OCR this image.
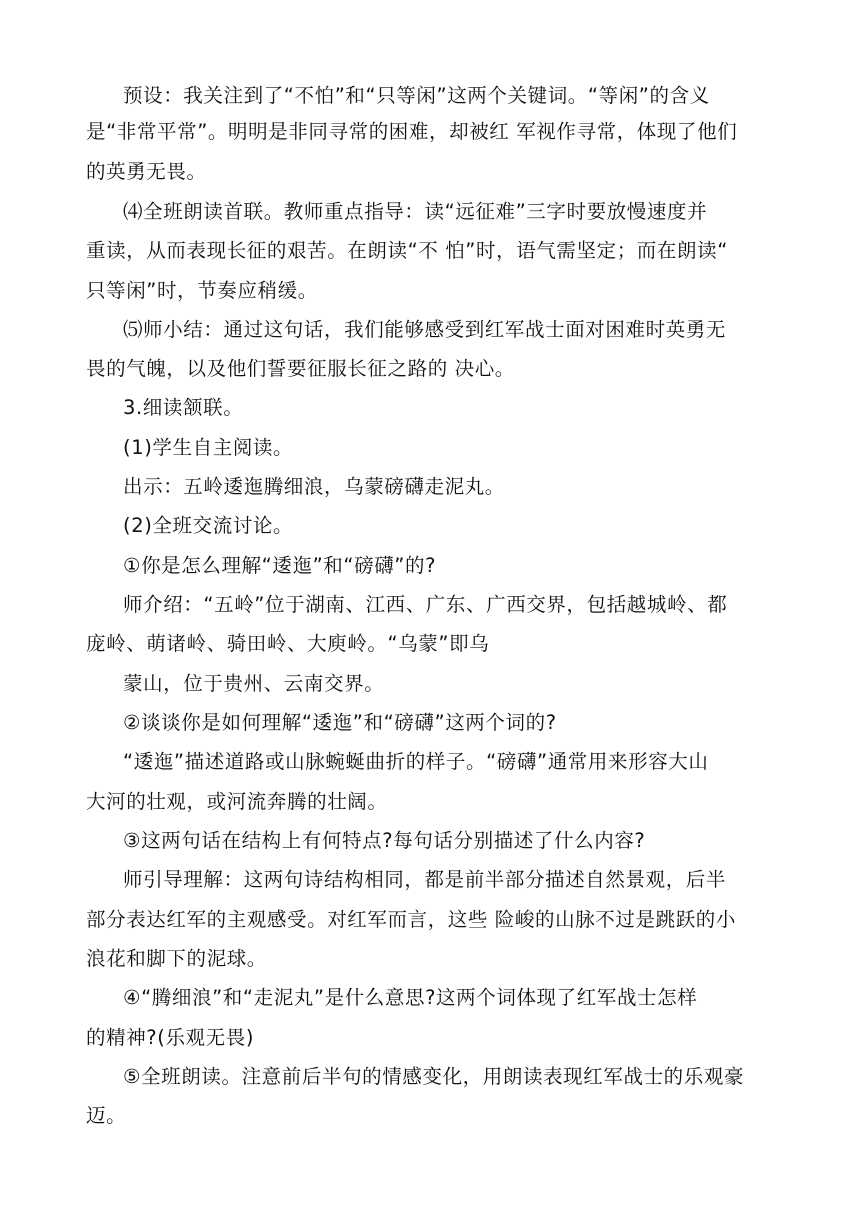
预设：我关注到了“不怕”和“只等闲”这两个关键词。“等闲”的含义
是“非常平常”。明明是非同寻常的困难，却被红 军视作寻常，体现了他们
的英勇无畏。
⑷全班朗读首联。教师重点指导：读“远征难”三字时要放慢速度并
重读，从而表现长征的艰苦。在朗读“不 怕”时，语气需坚定；而在朗读“
只等闲”时，节奏应稍缓。
⑸师小结：通过这句话，我们能够感受到红军战士面对困难时英勇无
畏的气魄，以及他们誓要征服长征之路的 决心。
3.细读颔联。
(1)学生自主阅读。
出示：五岭逶迤腾细浪，乌蒙磅礴走泥丸。
(2)全班交流讨论。
①你是怎么理解“逶迤”和“磅礴”的?
师介绍：“五岭”位于湖南、江西、广东、广西交界，包括越城岭、都
庞岭、萌诸岭、骑田岭、大庾岭。“乌蒙”即乌
蒙山，位于贵州、云南交界。
②谈谈你是如何理解“逶迤”和“磅礴”这两个词的?
“逶迤”描述道路或山脉蜿蜒曲折的样子。“磅礴”通常用来形容大山
大河的壮观，或河流奔腾的壮阔。
③这两句话在结构上有何特点?每句话分别描述了什么内容?
师引导理解：这两句诗结构相同，都是前半部分描述自然景观，后半
部分表达红军的主观感受。对红军而言，这些 险峻的山脉不过是跳跃的小
浪花和脚下的泥球。
④“腾细浪”和“走泥丸”是什么意思?这两个词体现了红军战士怎样
的精神?(乐观无畏)
⑤全班朗读。注意前后半句的情感变化，用朗读表现红军战士的乐观豪
迈。
